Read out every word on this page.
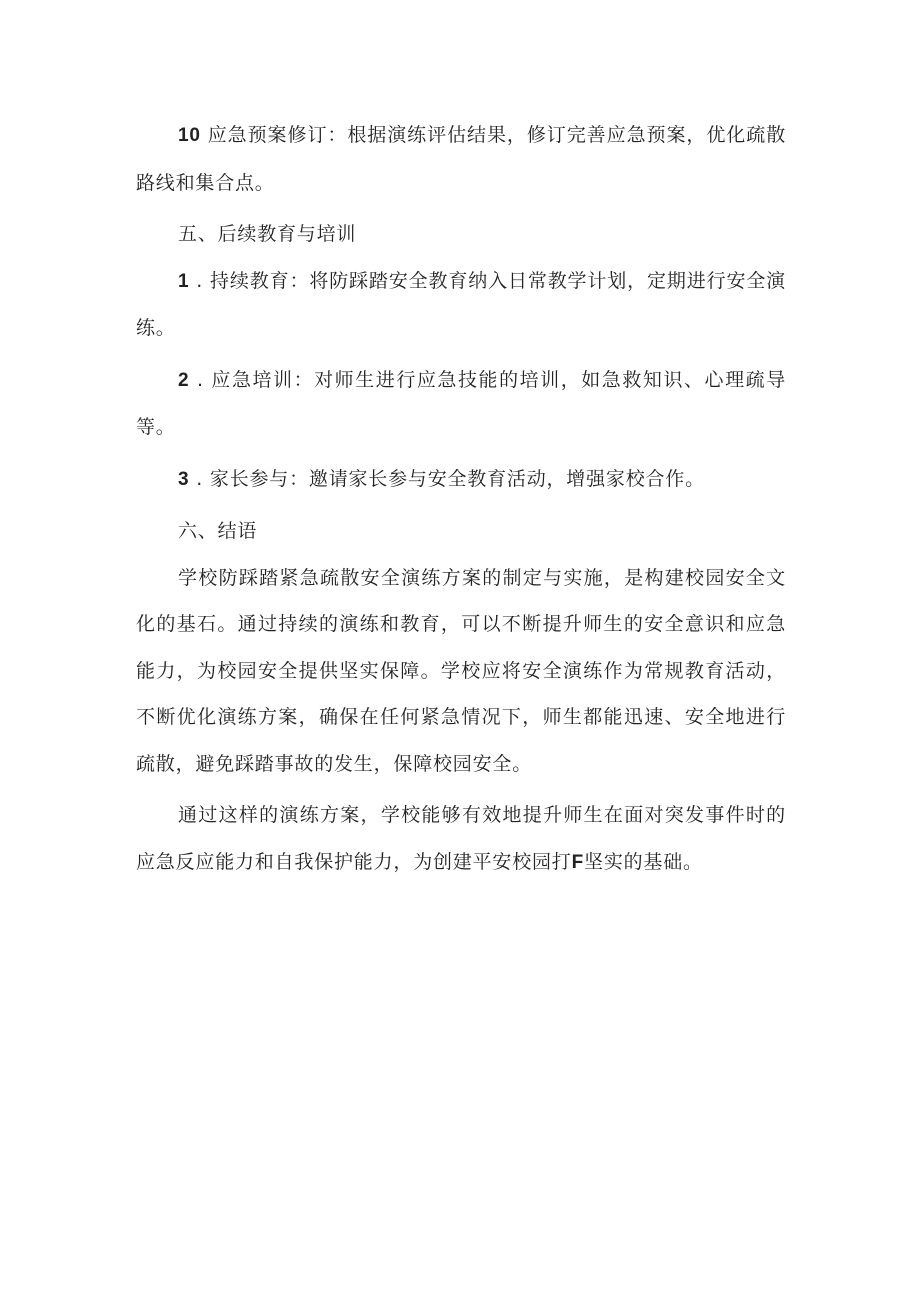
10 应急预案修订：根据演练评估结果，修订完善应急预案，优化疏散路线和集合点。

五、后续教育与培训

1 . 持续教育：将防踩踏安全教育纳入日常教学计划，定期进行安全演练。

2 . 应急培训：对师生进行应急技能的培训，如急救知识、心理疏导等。

3 . 家长参与：邀请家长参与安全教育活动，增强家校合作。

六、结语

学校防踩踏紧急疏散安全演练方案的制定与实施，是构建校园安全文化的基石。通过持续的演练和教育，可以不断提升师生的安全意识和应急能力，为校园安全提供坚实保障。学校应将安全演练作为常规教育活动，不断优化演练方案，确保在任何紧急情况下，师生都能迅速、安全地进行疏散，避免踩踏事故的发生，保障校园安全。

通过这样的演练方案，学校能够有效地提升师生在面对突发事件时的应急反应能力和自我保护能力，为创建平安校园打F坚实的基础。
